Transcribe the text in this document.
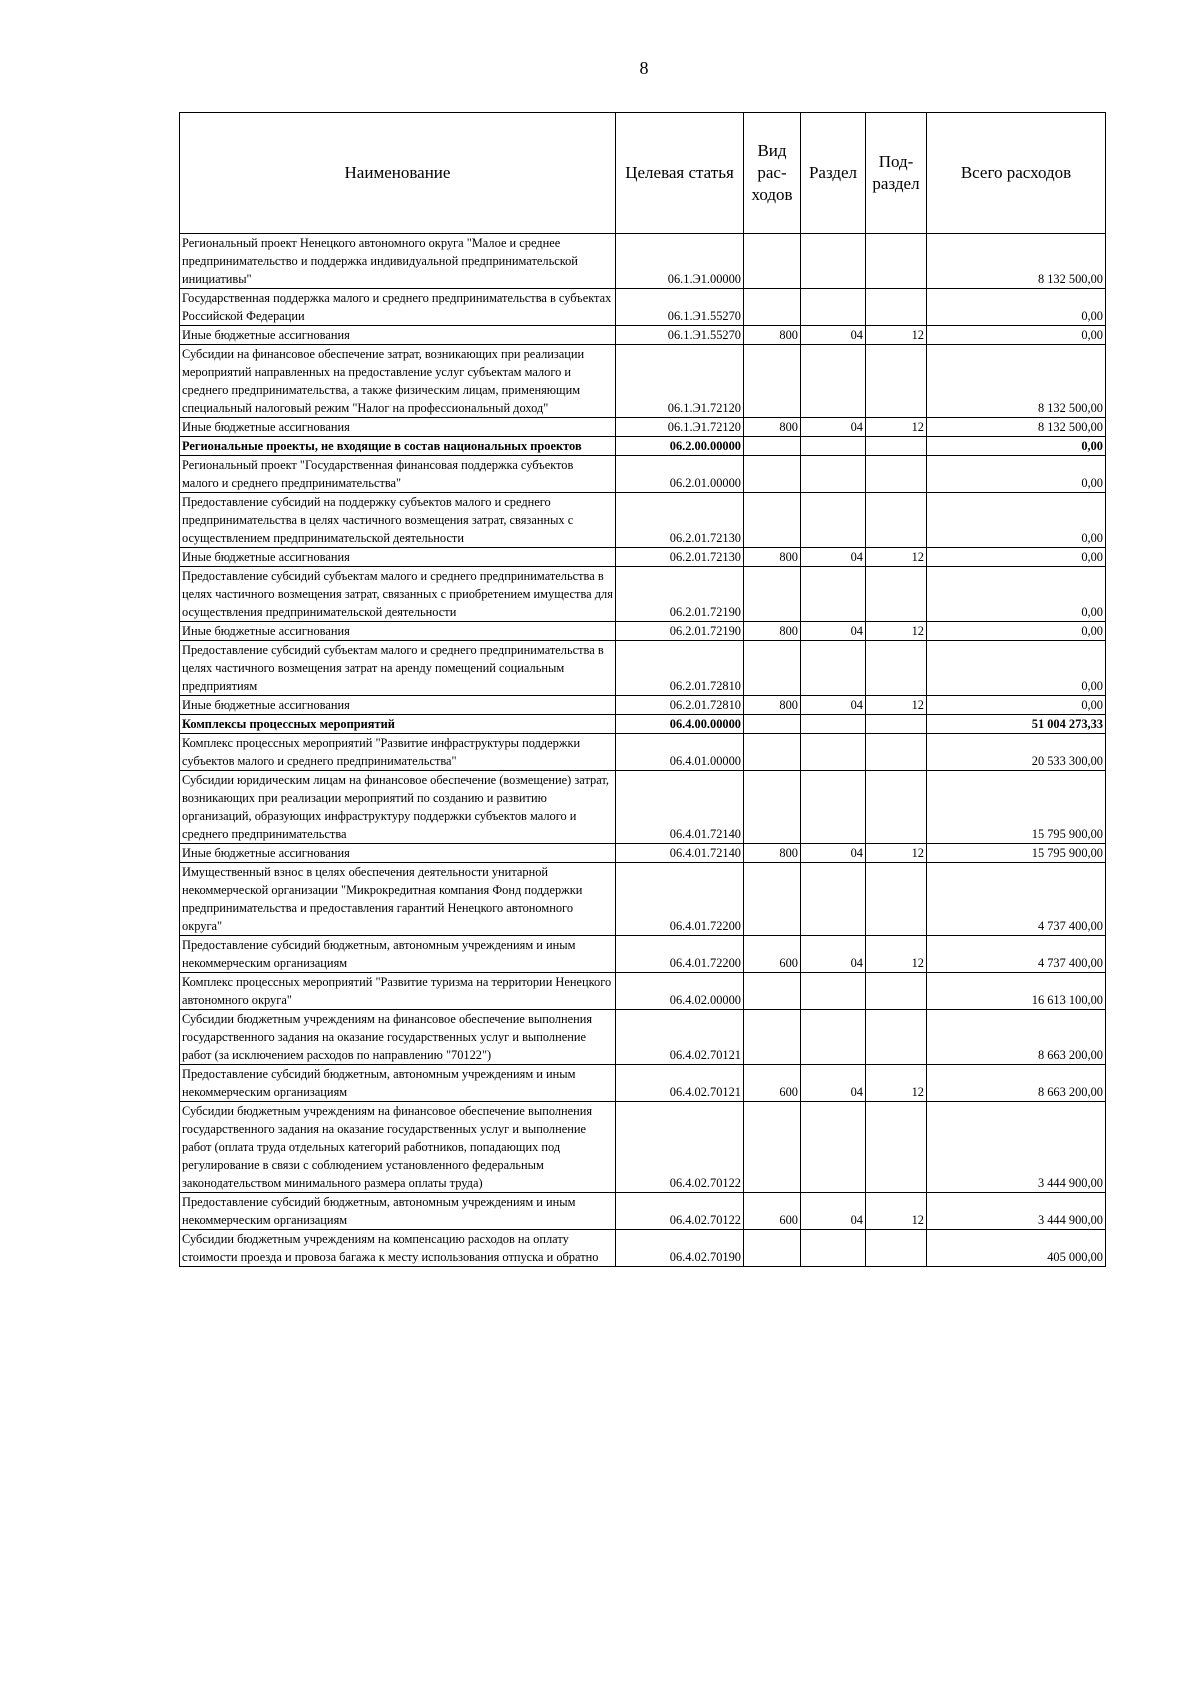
8
Наименование	Целевая статья	Вид рас- ходов	Раздел	Под- раздел	Всего расходов
Региональный проект Ненецкого автономного округа "Малое и среднее предпринимательство и поддержка индивидуальной предпринимательской инициативы"	06.1.Э1.00000				8 132 500,00
Государственная поддержка малого и среднего предпринимательства в субъектах Российской Федерации	06.1.Э1.55270				0,00
Иные бюджетные ассигнования	06.1.Э1.55270	800	04	12	0,00
Субсидии на финансовое обеспечение затрат, возникающих при реализации мероприятий направленных на предоставление услуг субъектам малого и среднего предпринимательства, а также физическим лицам, применяющим специальный налоговый режим "Налог на профессиональный доход"	06.1.Э1.72120				8 132 500,00
Иные бюджетные ассигнования	06.1.Э1.72120	800	04	12	8 132 500,00
Региональные проекты, не входящие в состав национальных проектов	06.2.00.00000				0,00
Региональный проект "Государственная финансовая поддержка субъектов малого и среднего предпринимательства"	06.2.01.00000				0,00
Предоставление субсидий на поддержку субъектов малого и среднего предпринимательства в целях частичного возмещения затрат, связанных с осуществлением предпринимательской деятельности	06.2.01.72130				0,00
Иные бюджетные ассигнования	06.2.01.72130	800	04	12	0,00
Предоставление субсидий субъектам малого и среднего предпринимательства в целях частичного возмещения затрат, связанных с приобретением имущества для осуществления предпринимательской деятельности	06.2.01.72190				0,00
Иные бюджетные ассигнования	06.2.01.72190	800	04	12	0,00
Предоставление субсидий субъектам малого и среднего предпринимательства в целях частичного возмещения затрат на аренду помещений социальным предприятиям	06.2.01.72810				0,00
Иные бюджетные ассигнования	06.2.01.72810	800	04	12	0,00
Комплексы процессных мероприятий	06.4.00.00000				51 004 273,33
Комплекс процессных мероприятий "Развитие инфраструктуры поддержки субъектов малого и среднего предпринимательства"	06.4.01.00000				20 533 300,00
Субсидии юридическим лицам на финансовое обеспечение (возмещение) затрат, возникающих при реализации мероприятий по созданию и развитию организаций, образующих инфраструктуру поддержки субъектов малого и среднего предпринимательства	06.4.01.72140				15 795 900,00
Иные бюджетные ассигнования	06.4.01.72140	800	04	12	15 795 900,00
Имущественный взнос в целях обеспечения деятельности унитарной некоммерческой организации "Микрокредитная компания Фонд поддержки предпринимательства и предоставления гарантий Ненецкого автономного округа"	06.4.01.72200				4 737 400,00
Предоставление субсидий бюджетным, автономным учреждениям и иным некоммерческим организациям	06.4.01.72200	600	04	12	4 737 400,00
Комплекс процессных мероприятий "Развитие туризма на территории Ненецкого автономного округа"	06.4.02.00000				16 613 100,00
Субсидии бюджетным учреждениям на финансовое обеспечение выполнения государственного задания на оказание государственных услуг и выполнение работ (за исключением расходов по направлению "70122")	06.4.02.70121				8 663 200,00
Предоставление субсидий бюджетным, автономным учреждениям и иным некоммерческим организациям	06.4.02.70121	600	04	12	8 663 200,00
Субсидии бюджетным учреждениям на финансовое обеспечение выполнения государственного задания на оказание государственных услуг и выполнение работ (оплата труда отдельных категорий работников, попадающих под регулирование в связи с соблюдением установленного федеральным законодательством минимального размера оплаты труда)	06.4.02.70122				3 444 900,00
Предоставление субсидий бюджетным, автономным учреждениям и иным некоммерческим организациям	06.4.02.70122	600	04	12	3 444 900,00
Субсидии бюджетным учреждениям на компенсацию расходов на оплату стоимости проезда и провоза багажа к месту использования отпуска и обратно	06.4.02.70190				405 000,00
